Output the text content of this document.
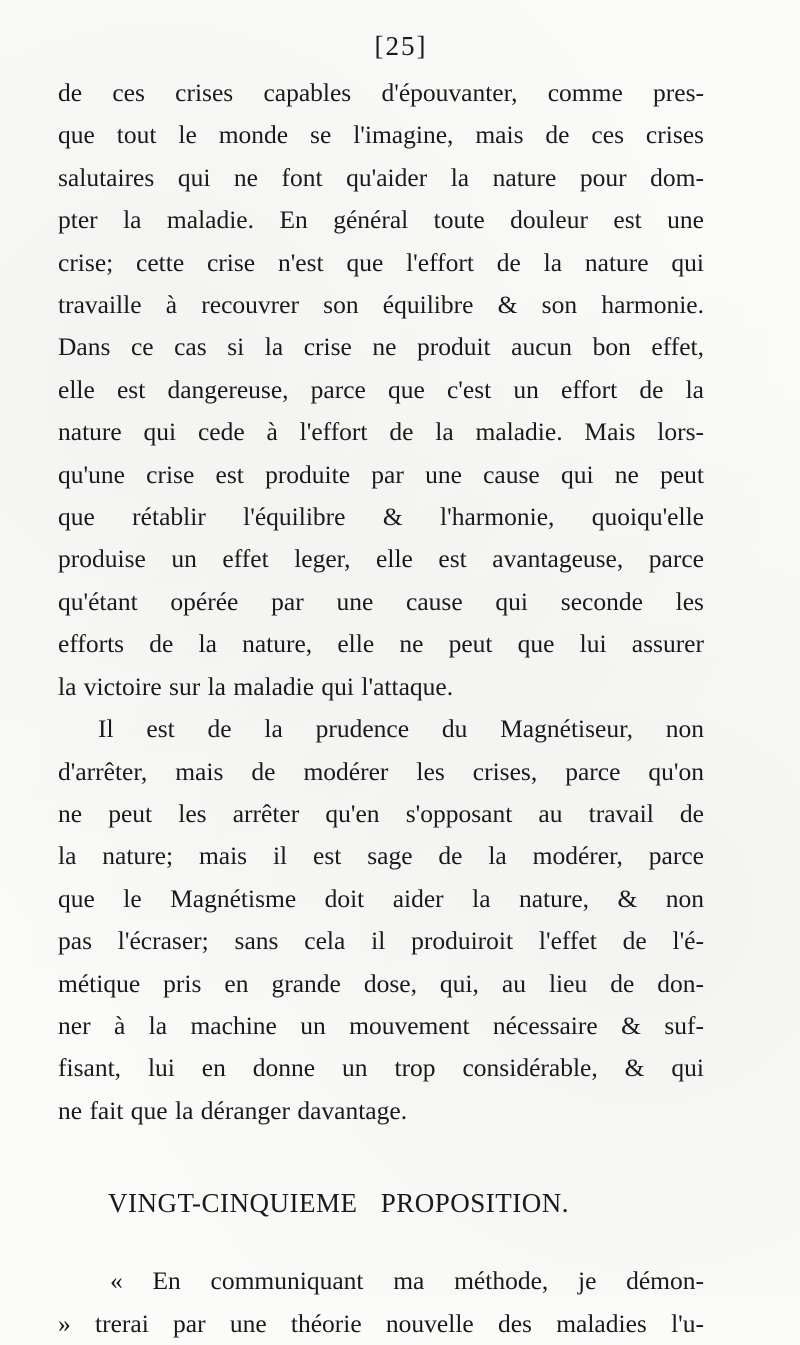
[25]

de ces crises capables d'épouvanter, comme pres-
que tout le monde se l'imagine, mais de ces crises
salutaires qui ne font qu'aider la nature pour dom-
pter la maladie. En général toute douleur est une
crise; cette crise n'est que l'effort de la nature qui
travaille à recouvrer son équilibre & son harmonie.
Dans ce cas si la crise ne produit aucun bon effet,
elle est dangereuse, parce que c'est un effort de la
nature qui cede à l'effort de la maladie. Mais lors-
qu'une crise est produite par une cause qui ne peut
que rétablir l'équilibre & l'harmonie, quoiqu'elle
produise un effet leger, elle est avantageuse, parce
qu'étant opérée par une cause qui seconde les
efforts de la nature, elle ne peut que lui assurer
la victoire sur la maladie qui l'attaque.

Il est de la prudence du Magnétiseur, non
d'arrêter, mais de modérer les crises, parce qu'on
ne peut les arrêter qu'en s'opposant au travail de
la nature; mais il est sage de la modérer, parce
que le Magnétisme doit aider la nature, & non
pas l'écraser; sans cela il produiroit l'effet de l'é-
métique pris en grande dose, qui, au lieu de don-
ner à la machine un mouvement nécessaire & suf-
fisant, lui en donne un trop considérable, & qui
ne fait que la déranger davantage.

VINGT-CINQUIEME PROPOSITION.

« En communiquant ma méthode, je démon-
» trerai par une théorie nouvelle des maladies l'u-
